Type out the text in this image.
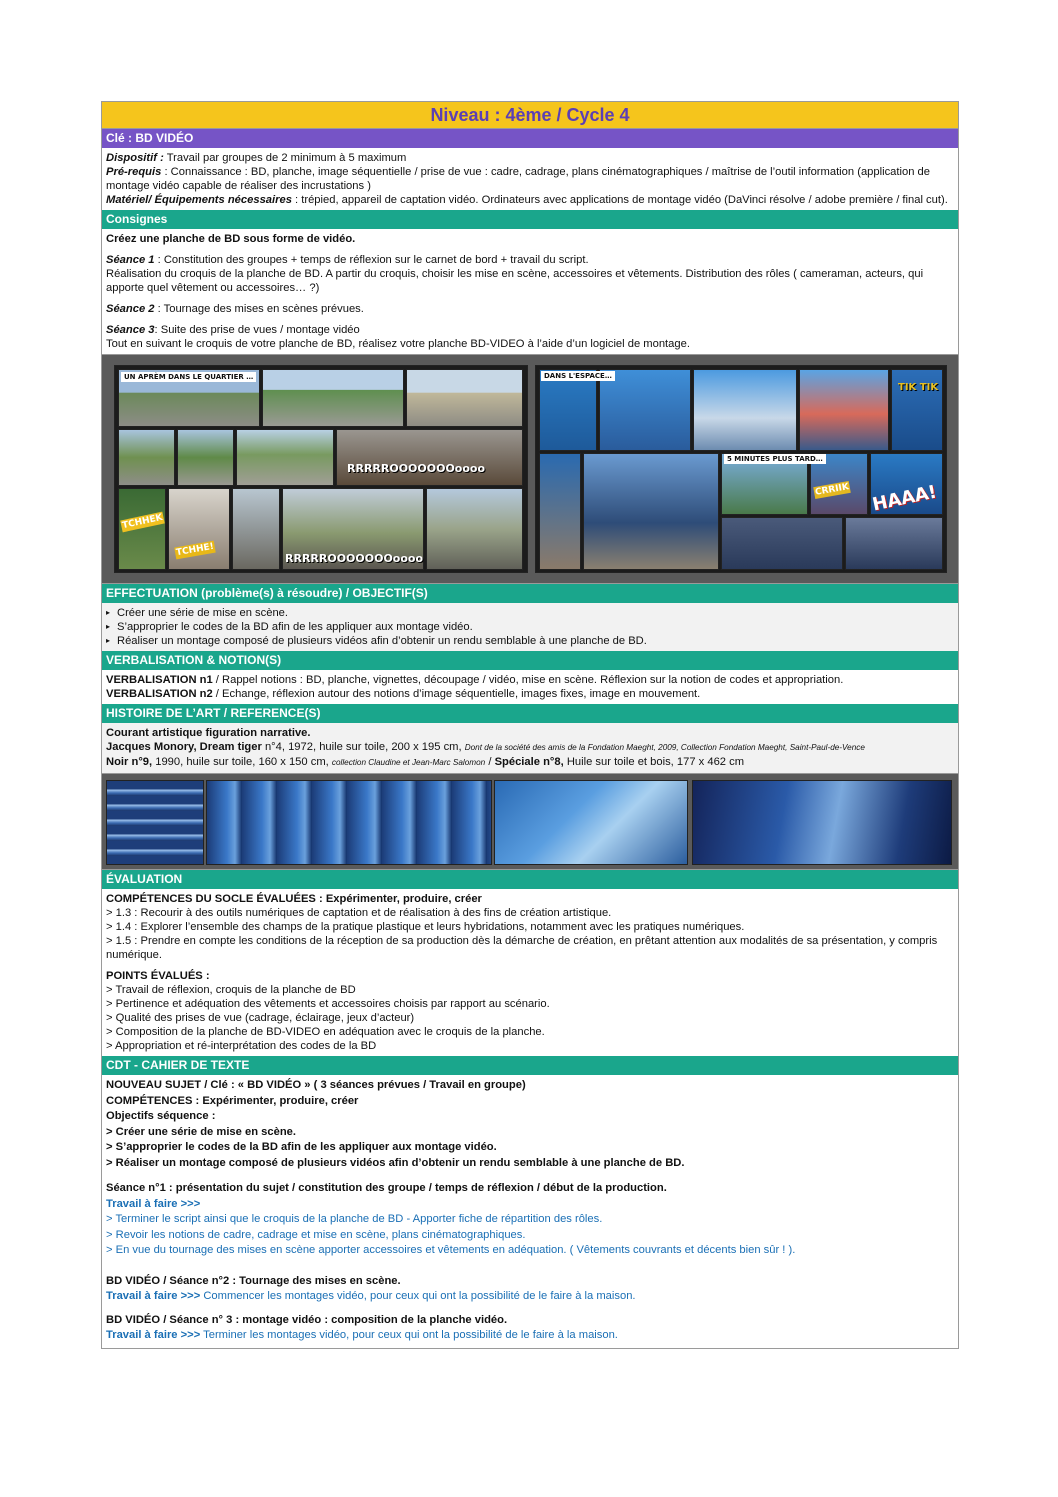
Niveau : 4ème / Cycle 4
Clé : BD VIDÉO

Dispositif : Travail par groupes de 2 minimum à 5 maximum

Pré-requis : Connaissance : BD, planche, image séquentielle / prise de vue : cadre, cadrage, plans cinématographiques / maîtrise de l’outil information (application de montage vidéo capable de réaliser des incrustations )

Matériel/ Équipements nécessaires : trépied, appareil de captation vidéo. Ordinateurs avec applications de montage vidéo (DaVinci résolve / adobe première / final cut).

Consignes

Créez une planche de BD sous forme de vidéo.

Séance 1 : Constitution des groupes + temps de réflexion sur le carnet de bord + travail du script.

Réalisation du croquis de la planche de BD. A partir du croquis, choisir les mise en scène, accessoires et vêtements. Distribution des rôles ( cameraman, acteurs, qui apporte quel vêtement ou accessoires… ?)

Séance 2 : Tournage des mises en scènes prévues.

Séance 3: Suite des prise de vues / montage vidéo

Tout en suivant le croquis de votre planche de BD, réalisez votre planche BD-VIDEO à l’aide d’un logiciel de montage.

UN APRÈM DANS LE QUARTIER …
RRRRROOOOOOOoooo
RRRRROOOOOOOoooo
TCHHEK
TCHHE!
DANS L'ESPACE…
5 MINUTES PLUS TARD…
TIK TIK
CRRIIK HAAA!
EFFECTUATION (problème(s) à résoudre) / OBJECTIF(S)
▸ Créer une série de mise en scène.
▸ S’approprier le codes de la BD afin de les appliquer aux montage vidéo.
▸ Réaliser un montage composé de plusieurs vidéos afin d’obtenir un rendu semblable à une planche de BD.
VERBALISATION & NOTION(S)

VERBALISATION n1 / Rappel notions : BD, planche, vignettes, découpage / vidéo, mise en scène. Réflexion sur la notion de codes et appropriation.

VERBALISATION n2 / Echange, réflexion autour des notions d’image séquentielle, images fixes, image en mouvement.

HISTOIRE DE L’ART / REFERENCE(S)

Courant artistique figuration narrative.

Jacques Monory, Dream tiger n°4, 1972, huile sur toile, 200 x 195 cm, Dont de la société des amis de la Fondation Maeght, 2009, Collection Fondation Maeght, Saint-Paul-de-Vence

Noir n°9, 1990, huile sur toile, 160 x 150 cm, collection Claudine et Jean-Marc Salomon / Spéciale n°8, Huile sur toile et bois, 177 x 462 cm

ÉVALUATION

COMPÉTENCES DU SOCLE ÉVALUÉES : Expérimenter, produire, créer

> 1.3 : Recourir à des outils numériques de captation et de réalisation à des fins de création artistique.

> 1.4 : Explorer l’ensemble des champs de la pratique plastique et leurs hybridations, notamment avec les pratiques numériques.

> 1.5 : Prendre en compte les conditions de la réception de sa production dès la démarche de création, en prêtant attention aux modalités de sa présentation, y compris numérique.

POINTS ÉVALUÉS :

> Travail de réflexion, croquis de la planche de BD

> Pertinence et adéquation des vêtements et accessoires choisis par rapport au scénario.

> Qualité des prises de vue (cadrage, éclairage, jeux d’acteur)

> Composition de la planche de BD-VIDEO en adéquation avec le croquis de la planche.

> Appropriation et ré-interprétation des codes de la BD

CDT - CAHIER DE TEXTE

NOUVEAU SUJET / Clé : « BD VIDÉO » ( 3 séances prévues / Travail en groupe)

COMPÉTENCES : Expérimenter, produire, créer

Objectifs séquence :

> Créer une série de mise en scène.

> S’approprier le codes de la BD afin de les appliquer aux montage vidéo.

> Réaliser un montage composé de plusieurs vidéos afin d’obtenir un rendu semblable à une planche de BD.

Séance n°1 : présentation du sujet / constitution des groupe / temps de réflexion / début de la production.

Travail à faire >>>

> Terminer le script ainsi que le croquis de la planche de BD - Apporter fiche de répartition des rôles.

> Revoir les notions de cadre, cadrage et mise en scène, plans cinématographiques.

> En vue du tournage des mises en scène apporter accessoires et vêtements en adéquation. ( Vêtements couvrants et décents bien sûr ! ).

BD VIDÉO / Séance n°2 : Tournage des mises en scène.

Travail à faire >>> Commencer les montages vidéo, pour ceux qui ont la possibilité de le faire à la maison.

BD VIDÉO / Séance n° 3 : montage vidéo : composition de la planche vidéo.

Travail à faire >>> Terminer les montages vidéo, pour ceux qui ont la possibilité de le faire à la maison.
